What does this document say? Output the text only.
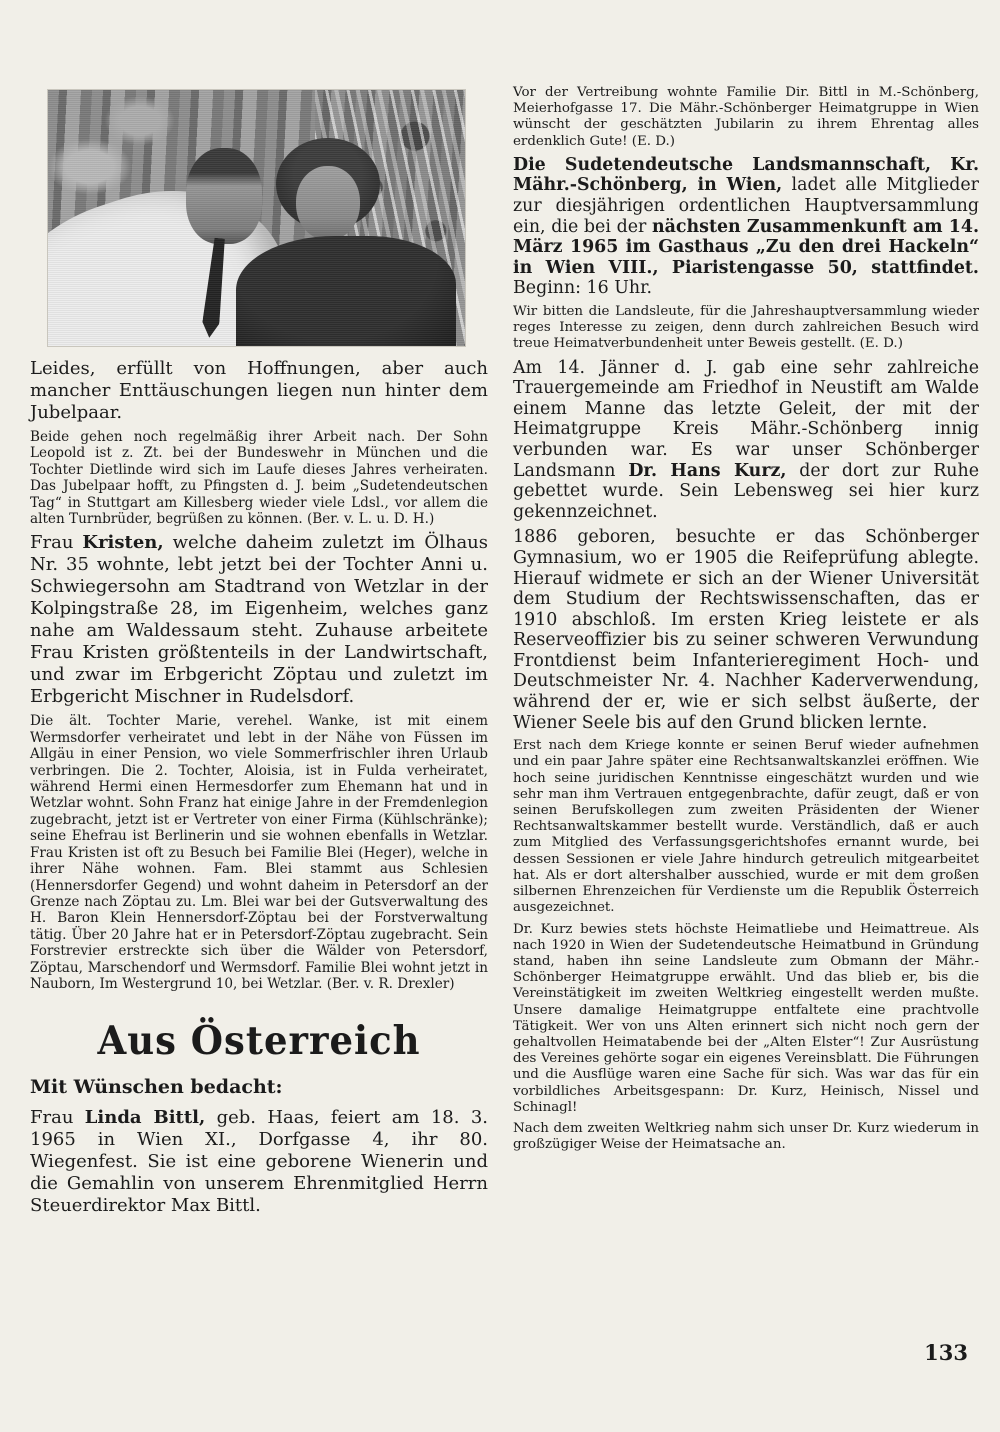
Leides, erfüllt von Hoffnungen, aber auch mancher Enttäuschungen liegen nun hinter dem Jubelpaar.

Beide gehen noch regelmäßig ihrer Arbeit nach. Der Sohn Leopold ist z. Zt. bei der Bundeswehr in München und die Tochter Dietlinde wird sich im Laufe dieses Jahres verheiraten. Das Jubelpaar hofft, zu Pfingsten d. J. beim „Sudetendeutschen Tag“ in Stuttgart am Killesberg wieder viele Ldsl., vor allem die alten Turnbrüder, begrüßen zu können. (Ber. v. L. u. D. H.)

Frau Kristen, welche daheim zuletzt im Ölhaus Nr. 35 wohnte, lebt jetzt bei der Tochter Anni u. Schwiegersohn am Stadtrand von Wetzlar in der Kolpingstraße 28, im Eigenheim, welches ganz nahe am Waldessaum steht. Zuhause arbeitete Frau Kristen größtenteils in der Landwirtschaft, und zwar im Erbgericht Zöptau und zuletzt im Erbgericht Mischner in Rudelsdorf.

Die ält. Tochter Marie, verehel. Wanke, ist mit einem Wermsdorfer verheiratet und lebt in der Nähe von Füssen im Allgäu in einer Pension, wo viele Sommerfrischler ihren Urlaub verbringen. Die 2. Tochter, Aloisia, ist in Fulda verheiratet, während Hermi einen Hermesdorfer zum Ehemann hat und in Wetzlar wohnt. Sohn Franz hat einige Jahre in der Fremdenlegion zugebracht, jetzt ist er Vertreter von einer Firma (Kühlschränke); seine Ehefrau ist Berlinerin und sie wohnen ebenfalls in Wetzlar. Frau Kristen ist oft zu Besuch bei Familie Blei (Heger), welche in ihrer Nähe wohnen. Fam. Blei stammt aus Schlesien (Hennersdorfer Gegend) und wohnt daheim in Petersdorf an der Grenze nach Zöptau zu. Lm. Blei war bei der Gutsverwaltung des H. Baron Klein Hennersdorf-Zöptau bei der Forstverwaltung tätig. Über 20 Jahre hat er in Petersdorf-Zöptau zugebracht. Sein Forstrevier erstreckte sich über die Wälder von Petersdorf, Zöptau, Marschendorf und Wermsdorf. Familie Blei wohnt jetzt in Nauborn, Im Westergrund 10, bei Wetzlar. (Ber. v. R. Drexler)

Aus Österreich
Mit Wünschen bedacht:

Frau Linda Bittl, geb. Haas, feiert am 18. 3. 1965 in Wien XI., Dorfgasse 4, ihr 80. Wiegenfest. Sie ist eine geborene Wienerin und die Gemahlin von unserem Ehrenmitglied Herrn Steuerdirektor Max Bittl.

Vor der Vertreibung wohnte Familie Dir. Bittl in M.-Schönberg, Meierhofgasse 17. Die Mähr.-Schönberger Heimatgruppe in Wien wünscht der geschätzten Jubilarin zu ihrem Ehrentag alles erdenklich Gute! (E. D.)

Die Sudetendeutsche Landsmannschaft, Kr. Mähr.-Schönberg, in Wien, ladet alle Mitglieder zur diesjährigen ordentlichen Hauptversammlung ein, die bei der nächsten Zusammenkunft am 14. März 1965 im Gasthaus „Zu den drei Hackeln“ in Wien VIII., Piaristengasse 50, stattfindet. Beginn: 16 Uhr.

Wir bitten die Landsleute, für die Jahreshauptversammlung wieder reges Interesse zu zeigen, denn durch zahlreichen Besuch wird treue Heimatverbundenheit unter Beweis gestellt. (E. D.)

Am 14. Jänner d. J. gab eine sehr zahlreiche Trauergemeinde am Friedhof in Neustift am Walde einem Manne das letzte Geleit, der mit der Heimatgruppe Kreis Mähr.-Schönberg innig verbunden war. Es war unser Schönberger Landsmann Dr. Hans Kurz, der dort zur Ruhe gebettet wurde. Sein Lebensweg sei hier kurz gekennzeichnet.

1886 geboren, besuchte er das Schönberger Gymnasium, wo er 1905 die Reifeprüfung ablegte. Hierauf widmete er sich an der Wiener Universität dem Studium der Rechtswissenschaften, das er 1910 abschloß. Im ersten Krieg leistete er als Reserveoffizier bis zu seiner schweren Verwundung Frontdienst beim Infanterieregiment Hoch- und Deutschmeister Nr. 4. Nachher Kaderverwendung, während der er, wie er sich selbst äußerte, der Wiener Seele bis auf den Grund blicken lernte.

Erst nach dem Kriege konnte er seinen Beruf wieder aufnehmen und ein paar Jahre später eine Rechtsanwaltskanzlei eröffnen. Wie hoch seine juridischen Kenntnisse eingeschätzt wurden und wie sehr man ihm Vertrauen entgegenbrachte, dafür zeugt, daß er von seinen Berufskollegen zum zweiten Präsidenten der Wiener Rechtsanwaltskammer bestellt wurde. Verständlich, daß er auch zum Mitglied des Verfassungsgerichtshofes ernannt wurde, bei dessen Sessionen er viele Jahre hindurch getreulich mitgearbeitet hat. Als er dort altershalber ausschied, wurde er mit dem großen silbernen Ehrenzeichen für Verdienste um die Republik Österreich ausgezeichnet.

Dr. Kurz bewies stets höchste Heimatliebe und Heimattreue. Als nach 1920 in Wien der Sudetendeutsche Heimatbund in Gründung stand, haben ihn seine Landsleute zum Obmann der Mähr.-Schönberger Heimatgruppe erwählt. Und das blieb er, bis die Vereinstätigkeit im zweiten Weltkrieg eingestellt werden mußte. Unsere damalige Heimatgruppe entfaltete eine prachtvolle Tätigkeit. Wer von uns Alten erinnert sich nicht noch gern der gehaltvollen Heimatabende bei der „Alten Elster“! Zur Ausrüstung des Vereines gehörte sogar ein eigenes Vereinsblatt. Die Führungen und die Ausflüge waren eine Sache für sich. Was war das für ein vorbildliches Arbeitsgespann: Dr. Kurz, Heinisch, Nissel und Schinagl!

Nach dem zweiten Weltkrieg nahm sich unser Dr. Kurz wiederum in großzügiger Weise der Heimatsache an.

133
